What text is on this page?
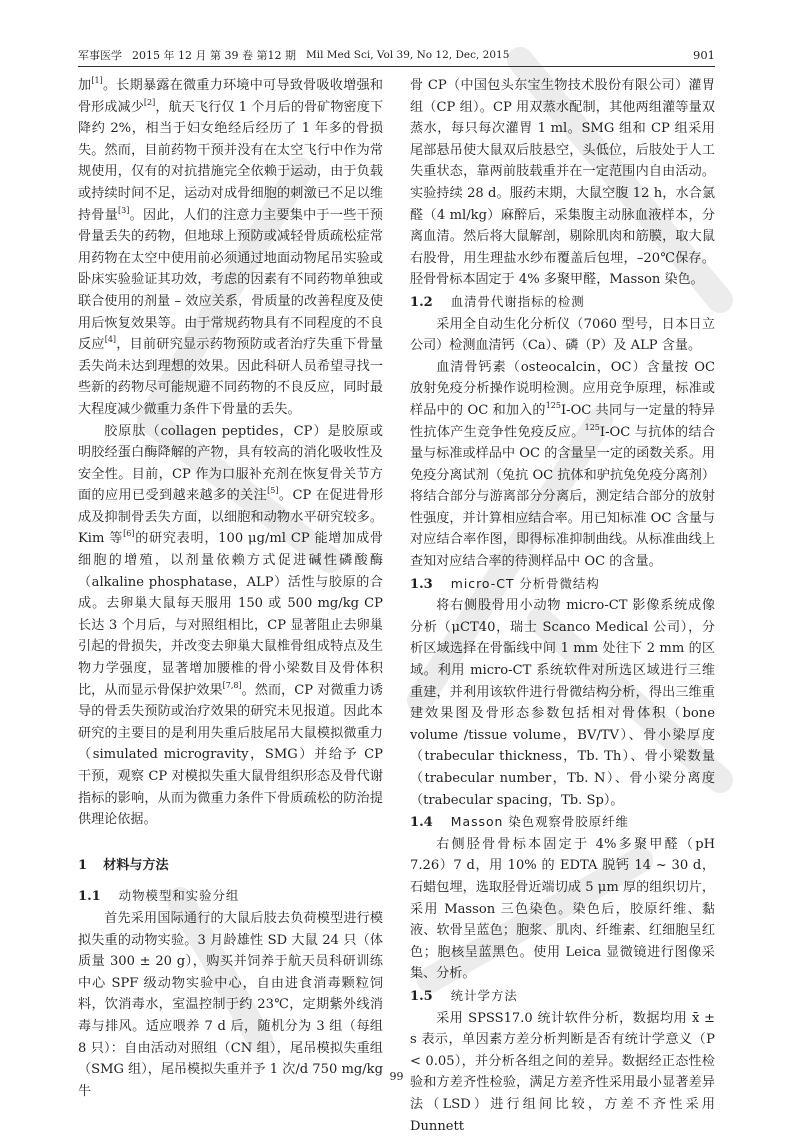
军事医学 2015 年 12 月 第 39 卷 第12 期 Mil Med Sci, Vol 39, No 12, Dec, 2015	901

加[1]。长期暴露在微重力环境中可导致骨吸收增强和骨形成减少[2]，航天飞行仅 1 个月后的骨矿物密度下降约 2%，相当于妇女绝经后经历了 1 年多的骨损失。然而，目前药物干预并没有在太空飞行中作为常规使用，仅有的对抗措施完全依赖于运动，由于负载或持续时间不足，运动对成骨细胞的刺激已不足以维持骨量[3]。因此，人们的注意力主要集中于一些干预骨量丢失的药物，但地球上预防或减轻骨质疏松症常用药物在太空中使用前必须通过地面动物尾吊实验或卧床实验验证其功效，考虑的因素有不同药物单独或联合使用的剂量 – 效应关系，骨质量的改善程度及使用后恢复效果等。由于常规药物具有不同程度的不良反应[4]，目前研究显示药物预防或者治疗失重下骨量丢失尚未达到理想的效果。因此科研人员希望寻找一些新的药物尽可能规避不同药物的不良反应，同时最大程度减少微重力条件下骨量的丢失。

胶原肽（collagen peptides，CP）是胶原或明胶经蛋白酶降解的产物，具有较高的消化吸收性及安全性。目前，CP 作为口服补充剂在恢复骨关节方面的应用已受到越来越多的关注[5]。CP 在促进骨形成及抑制骨丢失方面，以细胞和动物水平研究较多。Kim 等[6]的研究表明，100 μg/ml CP 能增加成骨细胞的增殖，以剂量依赖方式促进碱性磷酸酶（alkaline phosphatase，ALP）活性与胶原的合成。去卵巢大鼠每天服用 150 或 500 mg/kg CP 长达 3 个月后，与对照组相比，CP 显著阻止去卵巢引起的骨损失，并改变去卵巢大鼠椎骨组成特点及生物力学强度，显著增加腰椎的骨小梁数目及骨体积比，从而显示骨保护效果[7,8]。然而，CP 对微重力诱导的骨丢失预防或治疗效果的研究未见报道。因此本研究的主要目的是利用失重后肢尾吊大鼠模拟微重力（simulated microgravity，SMG）并给予 CP 干预，观察 CP 对模拟失重大鼠骨组织形态及骨代谢指标的影响，从而为微重力条件下骨质疏松的防治提供理论依据。

1 材料与方法
1.1 动物模型和实验分组

首先采用国际通行的大鼠后肢去负荷模型进行模拟失重的动物实验。3 月龄雄性 SD 大鼠 24 只（体质量 300 ± 20 g），购买并饲养于航天员科研训练中心 SPF 级动物实验中心，自由进食消毒颗粒饲料，饮消毒水，室温控制于约 23℃，定期紫外线消毒与排风。适应喂养 7 d 后，随机分为 3 组（每组 8 只）：自由活动对照组（CN 组），尾吊模拟失重组（SMG 组），尾吊模拟失重并予 1 次/d 750 mg/kg 牛

骨 CP（中国包头东宝生物技术股份有限公司）灌胃组（CP 组）。CP 用双蒸水配制，其他两组灌等量双蒸水，每只每次灌胃 1 ml。SMG 组和 CP 组采用尾部悬吊使大鼠双后肢悬空，头低位，后肢处于人工失重状态，靠两前肢载重并在一定范围内自由活动。实验持续 28 d。服药末期，大鼠空腹 12 h，水合氯醛（4 ml/kg）麻醉后，采集腹主动脉血液样本，分离血清。然后将大鼠解剖，剔除肌肉和筋膜，取大鼠右股骨，用生理盐水纱布覆盖后包埋，–20℃保存。胫骨骨标本固定于 4% 多聚甲醛，Masson 染色。

1.2 血清骨代谢指标的检测

采用全自动生化分析仪（7060 型号，日本日立公司）检测血清钙（Ca）、磷（P）及 ALP 含量。

血清骨钙素（osteocalcin，OC）含量按 OC 放射免疫分析操作说明检测。应用竞争原理，标准或样品中的 OC 和加入的$^{125}$I-OC 共同与一定量的特异性抗体产生竞争性免疫反应。$^{125}$I-OC 与抗体的结合量与标准或样品中 OC 的含量呈一定的函数关系。用免疫分离试剂（兔抗 OC 抗体和驴抗兔免疫分离剂）将结合部分与游离部分分离后，测定结合部分的放射性强度，并计算相应结合率。用已知标准 OC 含量与对应结合率作图，即得标准抑制曲线。从标准曲线上查知对应结合率的待测样品中 OC 的含量。

1.3 micro-CT 分析骨微结构

将右侧股骨用小动物 micro-CT 影像系统成像分析（μCT40，瑞士 Scanco Medical 公司），分析区域选择在骨骺线中间 1 mm 处往下 2 mm 的区域。利用 micro-CT 系统软件对所选区域进行三维重建，并利用该软件进行骨微结构分析，得出三维重建效果图及骨形态参数包括相对骨体积（bone volume /tissue volume，BV/TV）、骨小梁厚度（trabecular thickness，Tb. Th）、骨小梁数量（trabecular number，Tb. N）、骨小梁分离度（trabecular spacing，Tb. Sp）。

1.4 Masson 染色观察骨胶原纤维

右侧胫骨骨标本固定于 4%多聚甲醛（pH 7.26）7 d，用 10% 的 EDTA 脱钙 14 ~ 30 d，石蜡包埋，选取胫骨近端切成 5 μm 厚的组织切片，采用 Masson 三色染色。染色后，胶原纤维、黏液、软骨呈蓝色；胞浆、肌肉、纤维素、红细胞呈红色；胞核呈蓝黑色。使用 Leica 显微镜进行图像采集、分析。

1.5 统计学方法

采用 SPSS17.0 统计软件分析，数据均用 x̄ ± s 表示，单因素方差分析判断是否有统计学意义（P < 0.05），并分析各组之间的差异。数据经正态性检验和方差齐性检验，满足方差齐性采用最小显著差异法（LSD）进行组间比较，方差不齐性采用 Dunnett

99
